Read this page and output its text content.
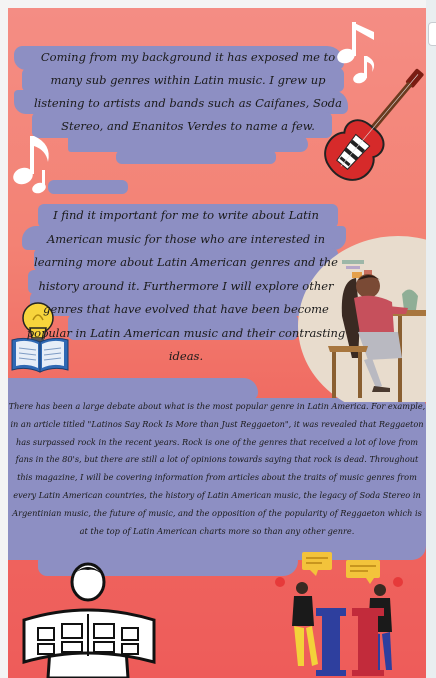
Coming from my background it has exposed me to many sub genres within Latin music. I grew up listening to artists and bands such as Caifanes, Soda Stereo, and Enanitos Verdes to name a few.
I find it important for me to write about Latin American music for those who are interested in learning more about Latin American genres and the history around it. Furthermore I will explore other genres that have evolved that have been become popular in Latin American music and their contrasting ideas.
There has been a large debate about what is the most popular genre in Latin America. For example, in an article titled "Latinos Say Rock Is More than Just Reggaeton", it was revealed that Reggaeton has surpassed rock in the recent years. Rock is one of the genres that received a lot of love from fans in the 80's, but there are still a lot of opinions towards saying that rock is dead. Throughout this magazine, I will be covering information from articles about the traits of music genres from every Latin American countries, the history of Latin American music, the legacy of Soda Stereo in Argentinian music, the future of music, and the opposition of the popularity of Reggaeton which is at the top of Latin American charts more so than any other genre.
